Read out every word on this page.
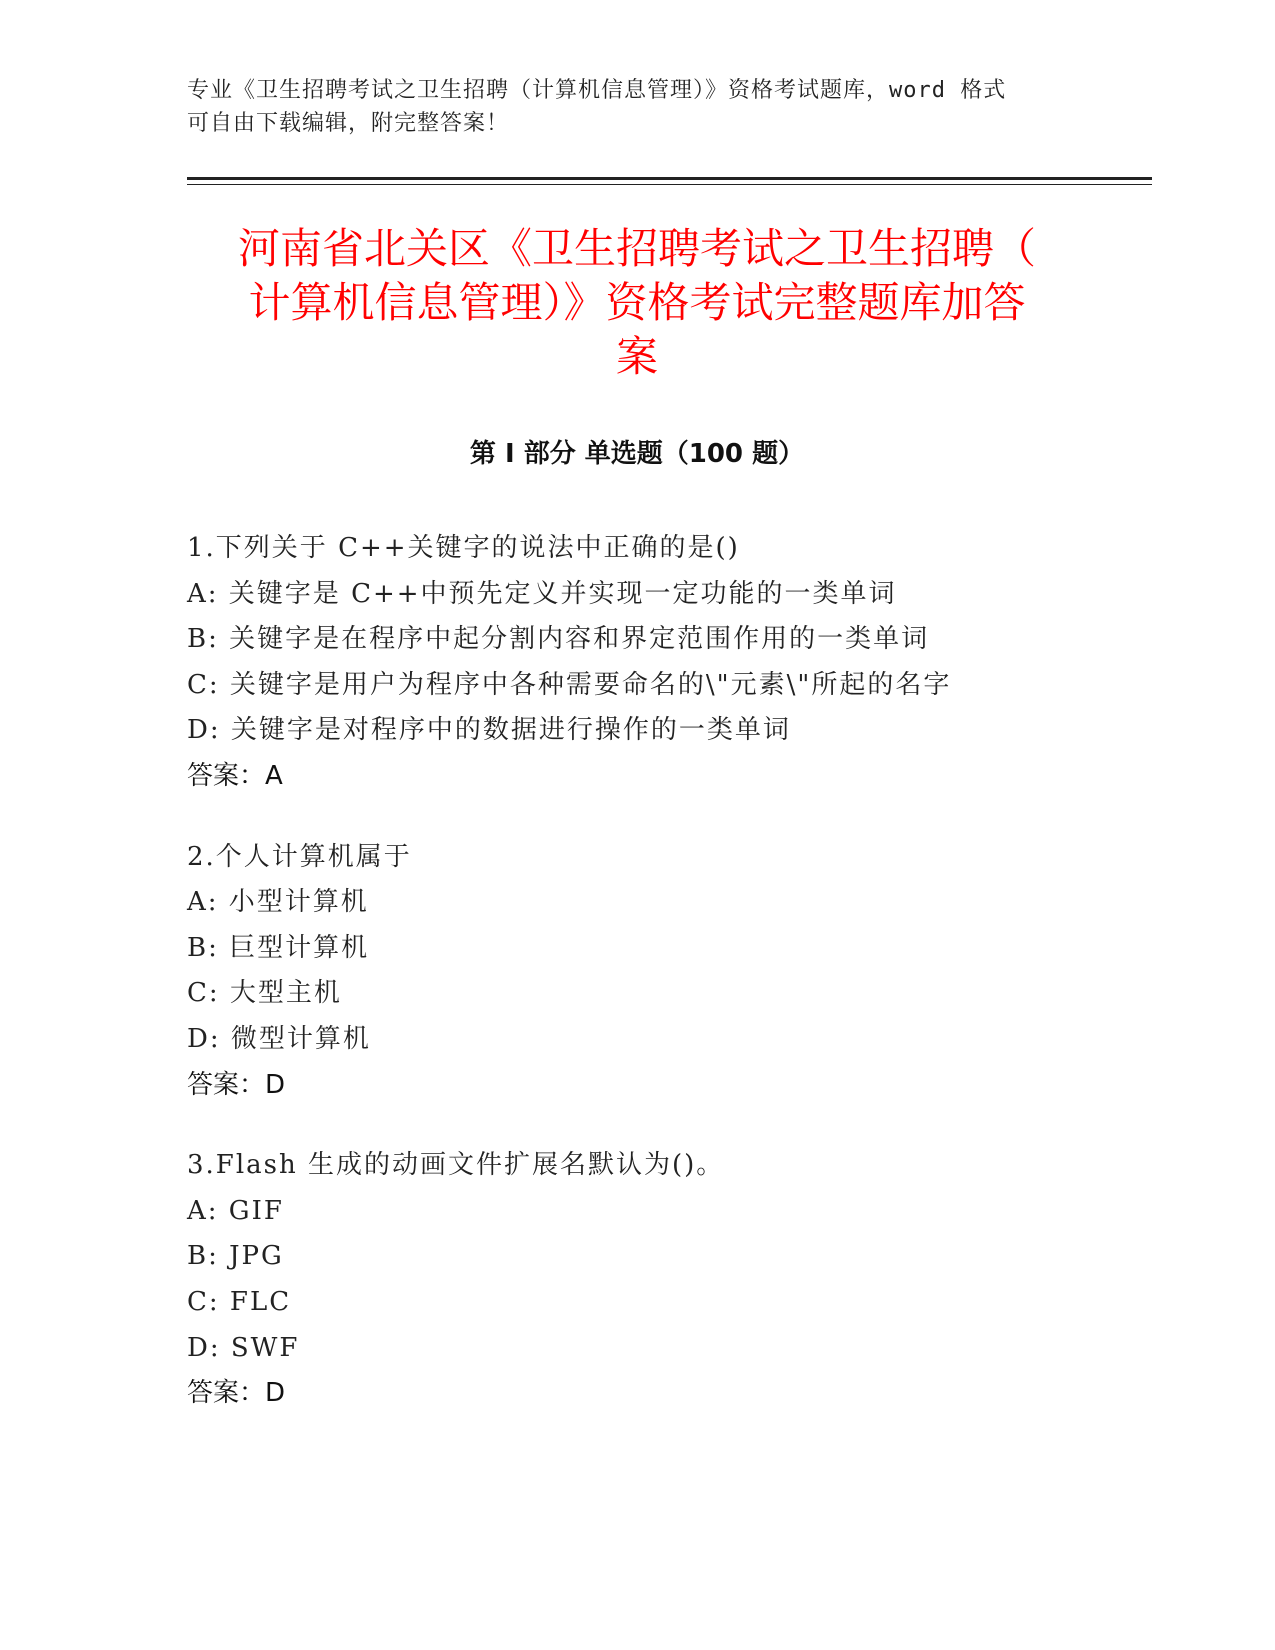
专业《卫生招聘考试之卫生招聘（计算机信息管理）》资格考试题库，word 格式
可自由下载编辑，附完整答案！
河南省北关区《卫生招聘考试之卫生招聘（
计算机信息管理）》资格考试完整题库加答
案
第 I 部分 单选题（100 题）
1.下列关于 C++关键字的说法中正确的是()
A: 关键字是 C++中预先定义并实现一定功能的一类单词
B: 关键字是在程序中起分割内容和界定范围作用的一类单词
C: 关键字是用户为程序中各种需要命名的\"元素\"所起的名字
D: 关键字是对程序中的数据进行操作的一类单词
答案：A
2.个人计算机属于
A: 小型计算机
B: 巨型计算机
C: 大型主机
D: 微型计算机
答案：D
3.Flash 生成的动画文件扩展名默认为()。
A: GIF
B: JPG
C: FLC
D: SWF
答案：D
